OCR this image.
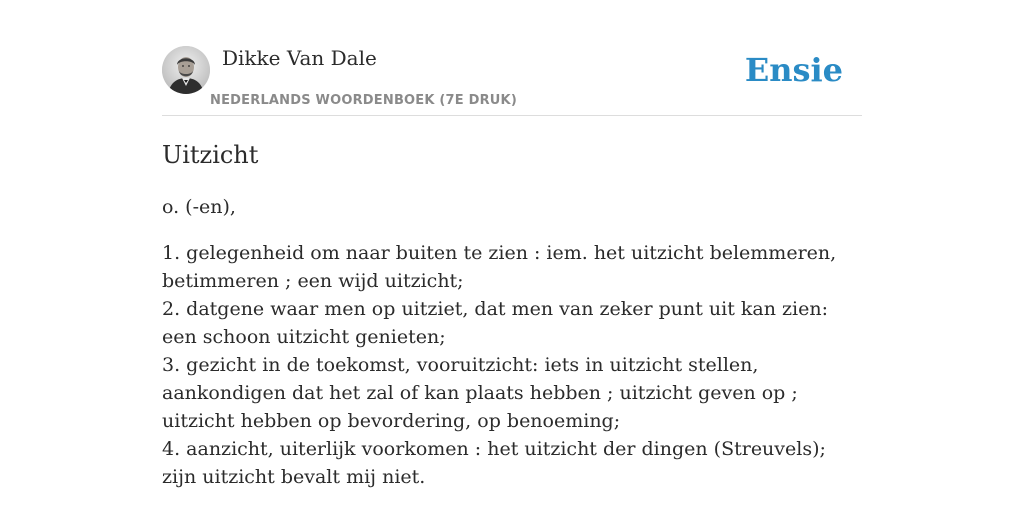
Dikke Van Dale
NEDERLANDS WOORDENBOEK (7E DRUK)
Ensie
Uitzicht
o. (-en),
1. gelegenheid om naar buiten te zien : iem. het uitzicht belemmeren, betimmeren ; een wijd uitzicht;
2. datgene waar men op uitziet, dat men van zeker punt uit kan zien: een schoon uitzicht genieten;
3. gezicht in de toekomst, vooruitzicht: iets in uitzicht stellen, aankondigen dat het zal of kan plaats hebben ; uitzicht geven op ; uitzicht hebben op bevordering, op benoeming;
4. aanzicht, uiterlijk voorkomen : het uitzicht der dingen (Streuvels); zijn uitzicht bevalt mij niet.
